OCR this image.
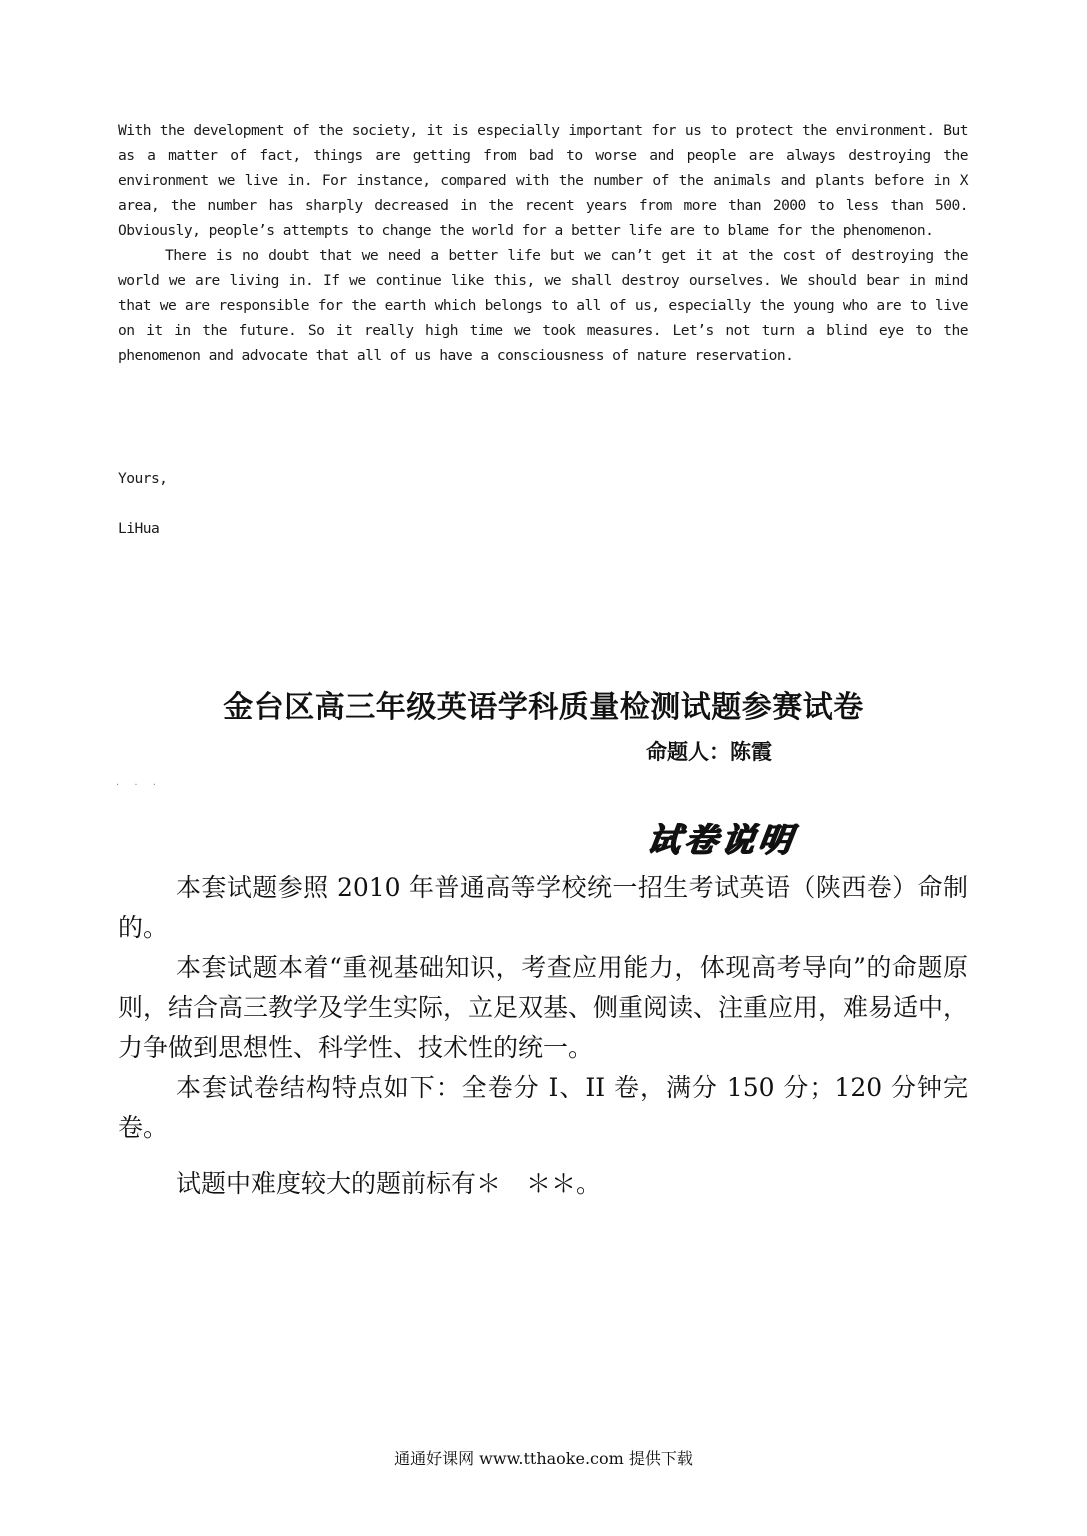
With the development of the society, it is especially important for us to protect the environment. But as a matter of fact, things are getting from bad to worse and people are always destroying the environment we live in. For instance, compared with the number of the animals and plants before in X area, the number has sharply decreased in the recent years from more than 2000 to less than 500. Obviously, people’s attempts to change the world for a better life are to blame for the phenomenon.

There is no doubt that we need a better life but we can’t get it at the cost of destroying the world we are living in. If we continue like this, we shall destroy ourselves. We should bear in mind that we are responsible for the earth which belongs to all of us, especially the young who are to live on it in the future. So it really high time we took measures. Let’s not turn a blind eye to the phenomenon and advocate that all of us have a consciousness of nature reservation.

Yours,
LiHua
金台区高三年级英语学科质量检测试题参赛试卷
命题人：陈霞
· · ·
试卷说明

本套试题参照 2010 年普通高等学校统一招生考试英语（陕西卷）命制的。

本套试题本着“重视基础知识，考查应用能力，体现高考导向”的命题原则，结合高三教学及学生实际，立足双基、侧重阅读、注重应用，难易适中，力争做到思想性、科学性、技术性的统一。

本套试卷结构特点如下：全卷分 I、II 卷，满分 150 分；120 分钟完卷。

试题中难度较大的题前标有＊　＊＊。

通通好课网 www.tthaoke.com 提供下载
